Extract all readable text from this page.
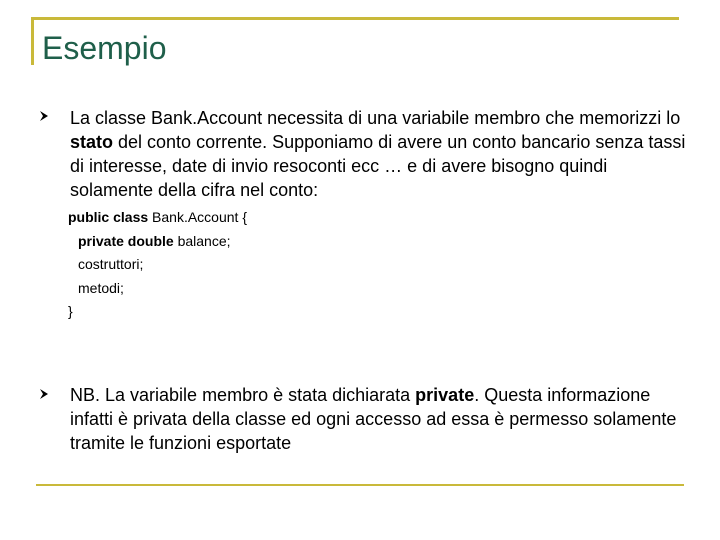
Esempio

La classe Bank.Account necessita di una variabile membro che memorizzi lo stato del conto corrente. Supponiamo di avere un conto bancario senza tassi di interesse, date di invio resoconti ecc … e di avere bisogno quindi solamente della cifra nel conto:

public class Bank.Account {
private double balance;
costruttori;
metodi;
}

NB. La variabile membro è stata dichiarata private. Questa informazione infatti è privata della classe ed ogni accesso ad essa è permesso solamente tramite le funzioni esportate
